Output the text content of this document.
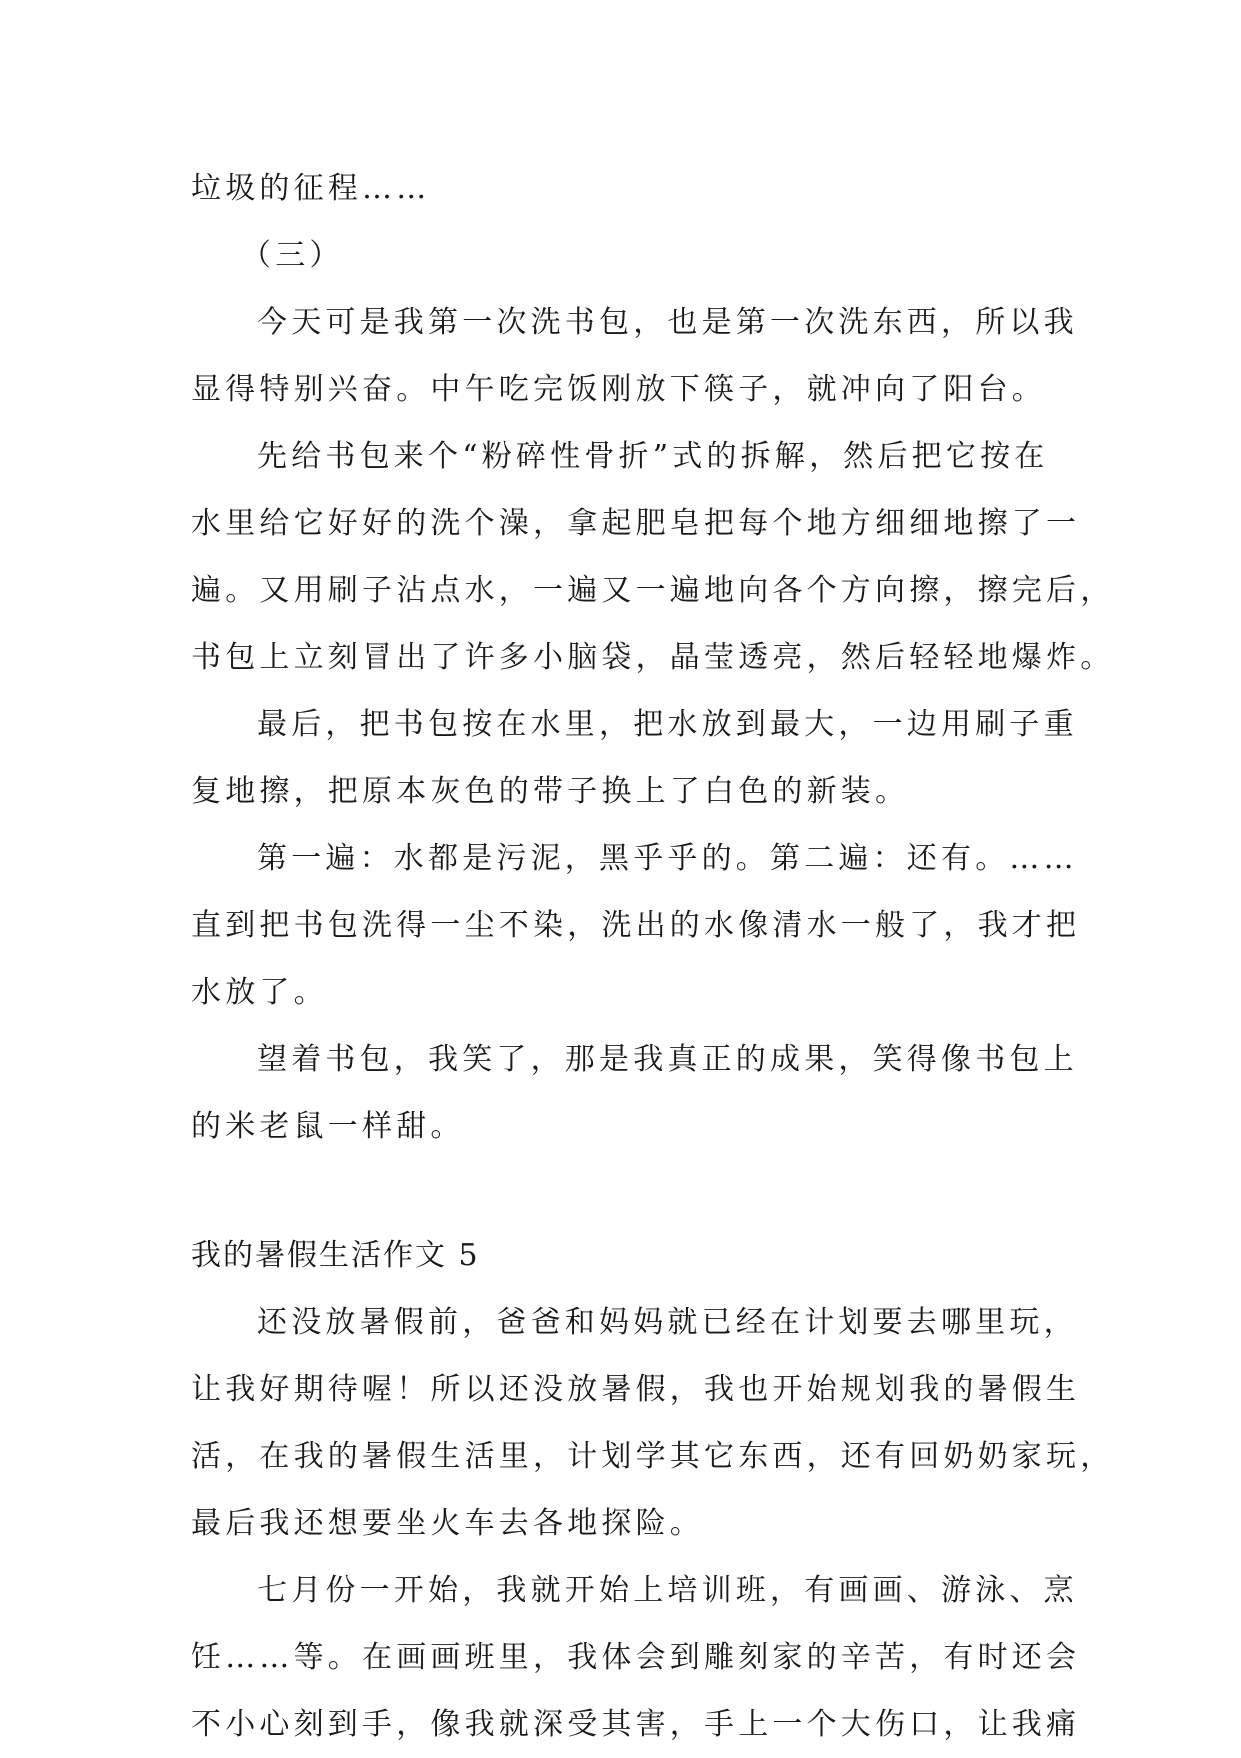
垃圾的征程……
（三）
今天可是我第一次洗书包，也是第一次洗东西，所以我
显得特别兴奋。中午吃完饭刚放下筷子，就冲向了阳台。
先给书包来个“粉碎性骨折”式的拆解，然后把它按在
水里给它好好的洗个澡，拿起肥皂把每个地方细细地擦了一
遍。又用刷子沾点水，一遍又一遍地向各个方向擦，擦完后，
书包上立刻冒出了许多小脑袋，晶莹透亮，然后轻轻地爆炸。
最后，把书包按在水里，把水放到最大，一边用刷子重
复地擦，把原本灰色的带子换上了白色的新装。
第一遍：水都是污泥，黑乎乎的。第二遍：还有。……
直到把书包洗得一尘不染，洗出的水像清水一般了，我才把
水放了。
望着书包，我笑了，那是我真正的成果，笑得像书包上
的米老鼠一样甜。
我的暑假生活作文 5
还没放暑假前，爸爸和妈妈就已经在计划要去哪里玩，
让我好期待喔！所以还没放暑假，我也开始规划我的暑假生
活，在我的暑假生活里，计划学其它东西，还有回奶奶家玩，
最后我还想要坐火车去各地探险。
七月份一开始，我就开始上培训班，有画画、游泳、烹
饪……等。在画画班里，我体会到雕刻家的辛苦，有时还会
不小心刻到手，像我就深受其害，手上一个大伤口，让我痛
